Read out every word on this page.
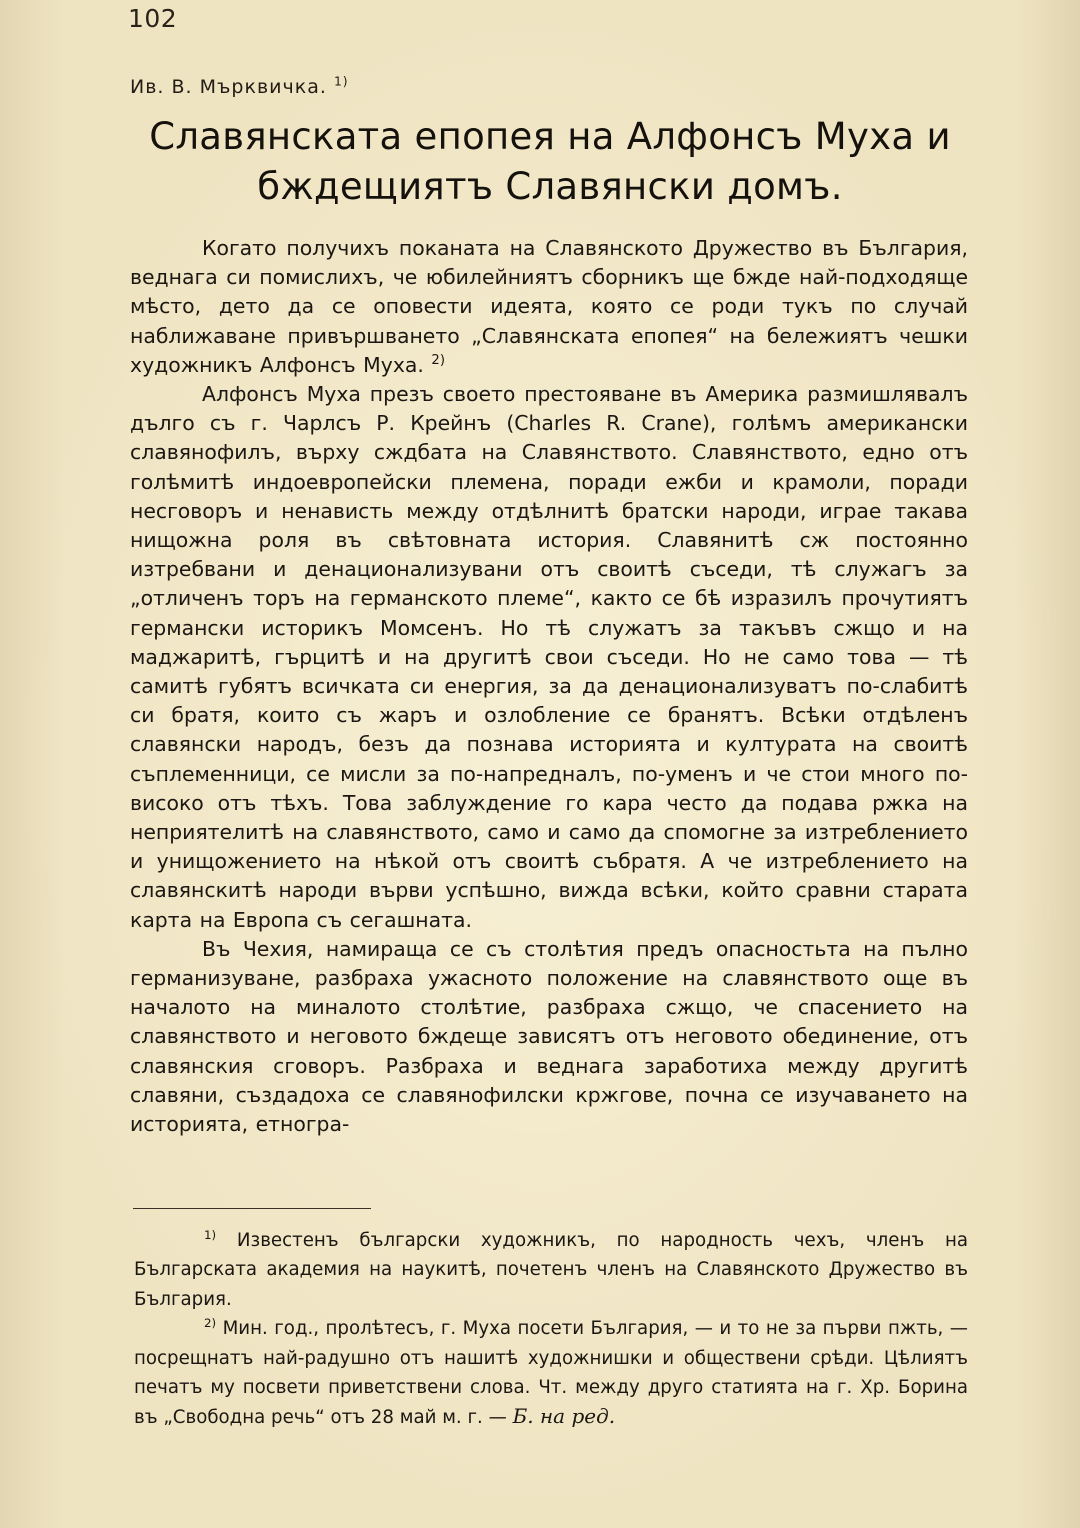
102
Ив. В. Мърквичка. $^{1)}$
Славянската епопея на Алфонсъ Муха и
бждещиятъ Славянски домъ.

Когато получихъ поканата на Славянското Дружество въ България, веднага си помислихъ, че юбилейниятъ сборникъ ще бжде най-подходяще мѣсто, дето да се оповести идеята, която се роди тукъ по случай наближаване привършването „Славянската епопея“ на бележиятъ чешки художникъ Алфонсъ Муха. $^{2)}$

Алфонсъ Муха презъ своето престояване въ Америка размишлявалъ дълго съ г. Чарлсъ Р. Крейнъ (Charles R. Crane), голѣмъ американски славянофилъ, върху сждбата на Славянството. Славянството, едно отъ голѣмитѣ индоевропейски племена, поради ежби и крамоли, поради несговоръ и ненависть между отдѣлнитѣ братски народи, играе такава нищожна роля въ свѣтовната история. Славянитѣ сж постоянно изтребвани и денационализувани отъ своитѣ съседи, тѣ служагъ за „отличенъ торъ на германското племе“, както се бѣ изразилъ прочутиятъ германски историкъ Момсенъ. Но тѣ служатъ за такъвъ сжщо и на маджаритѣ, гърцитѣ и на другитѣ свои съседи. Но не само това — тѣ самитѣ губятъ всичката си енергия, за да денационализуватъ по-слабитѣ си братя, които съ жаръ и озлобление се бранятъ. Всѣки отдѣленъ славянски народъ, безъ да познава историята и културата на своитѣ съплеменници, се мисли за по-напредналъ, по-уменъ и че стои много по-високо отъ тѣхъ. Това заблуждение го кара често да подава ржка на неприятелитѣ на славянството, само и само да спомогне за изтреблението и унищожението на нѣкой отъ своитѣ събратя. А че изтреблението на славянскитѣ народи върви успѣшно, вижда всѣки, който сравни старата карта на Европа съ сегашната.

Въ Чехия, намираща се съ столѣтия предъ опасностьта на пълно германизуване, разбраха ужасното положение на славянството още въ началото на миналото столѣтие, разбраха сжщо, че спасението на славянството и неговото бждеще зависятъ отъ неговото обединение, отъ славянския сговоръ. Разбраха и веднага заработиха между другитѣ славяни, създадоха се славянофилски кржгове, почна се изучаването на историята, етногра-

$^{1)}$ Известенъ български художникъ, по народность чехъ, членъ на Българската академия на наукитѣ, почетенъ членъ на Славянското Дружество въ България.

$^{2)}$ Мин. год., пролѣтесъ, г. Муха посети България, — и то не за първи пжть, — посрещнатъ най-радушно отъ нашитѣ художнишки и обществени срѣди. Цѣлиятъ печатъ му посвети приветствени слова. Чт. между друго статията на г. Хр. Борина въ „Свободна речь“ отъ 28 май м. г. — Б. на ред.
